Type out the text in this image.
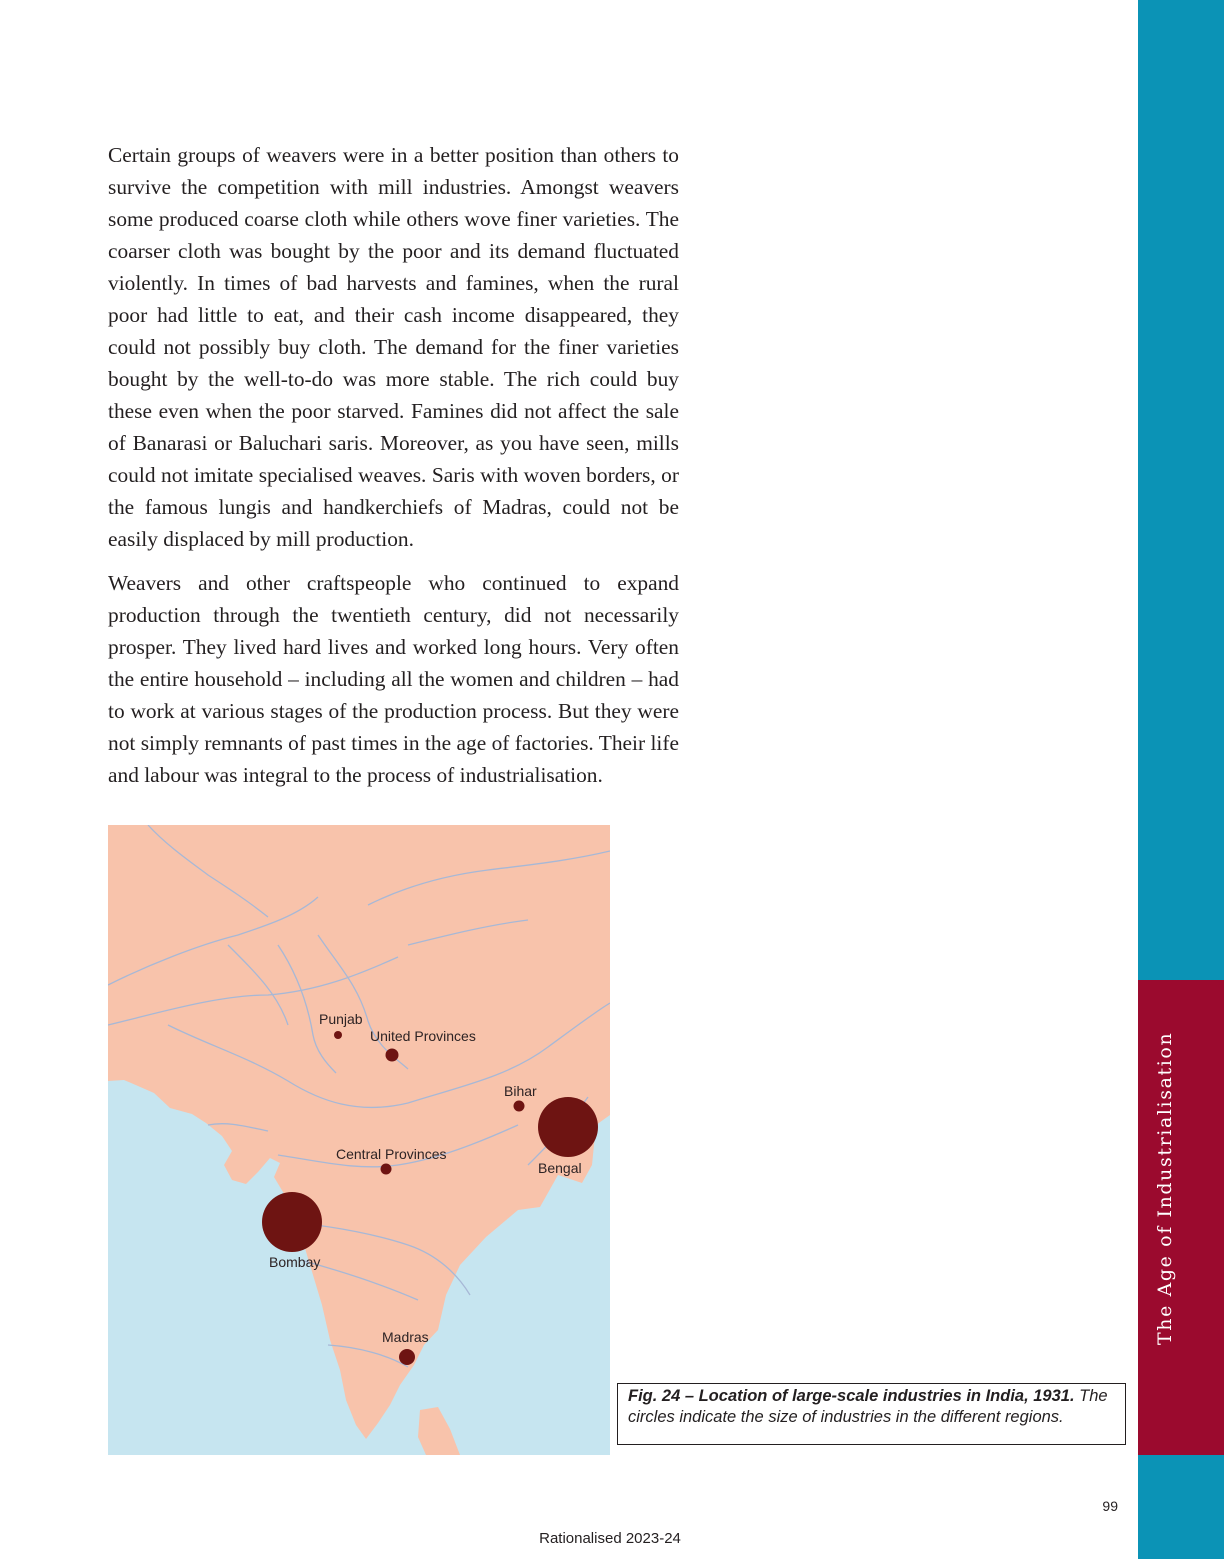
The Age of Industrialisation

Certain groups of weavers were in a better position than others to survive the competition with mill industries. Amongst weavers some produced coarse cloth while others wove finer varieties. The coarser cloth was bought by the poor and its demand fluctuated violently. In times of bad harvests and famines, when the rural poor had little to eat, and their cash income disappeared, they could not possibly buy cloth. The demand for the finer varieties bought by the well-to-do was more stable. The rich could buy these even when the poor starved. Famines did not affect the sale of Banarasi or Baluchari saris. Moreover, as you have seen, mills could not imitate specialised weaves. Saris with woven borders, or the famous lungis and handkerchiefs of Madras, could not be easily displaced by mill production.

Weavers and other craftspeople who continued to expand production through the twentieth century, did not necessarily prosper. They lived hard lives and worked long hours. Very often the entire household – including all the women and children – had to work at various stages of the production process. But they were not simply remnants of past times in the age of factories. Their life and labour was integral to the process of industrialisation.

Punjab
United Provinces
Bihar
Bengal
Central Provinces
Bombay
Madras
Fig. 24 – Location of large-scale industries in India, 1931. The circles indicate the size of industries in the different regions.
99
Rationalised 2023-24
